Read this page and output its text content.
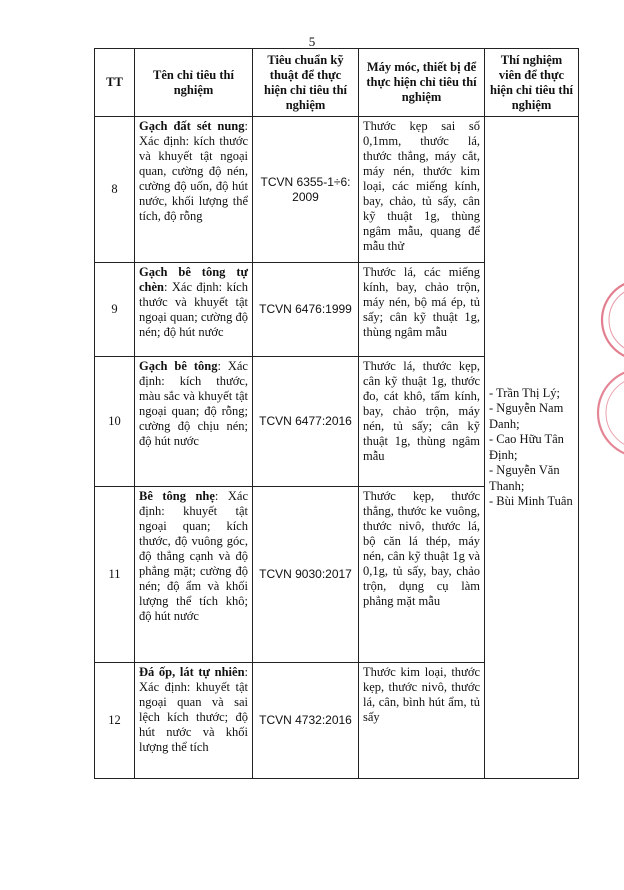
5
TT	Tên chỉ tiêu thí nghiệm	Tiêu chuẩn kỹ thuật để thực hiện chỉ tiêu thí nghiệm	Máy móc, thiết bị để thực hiện chỉ tiêu thí nghiệm	Thí nghiệm viên để thực hiện chỉ tiêu thí nghiệm
8	Gạch đất sét nung: Xác định: kích thước và khuyết tật ngoại quan, cường độ nén, cường độ uốn, độ hút nước, khối lượng thể tích, độ rỗng	TCVN 6355-1÷6: 2009	Thước kẹp sai số 0,1mm, thước lá, thước thẳng, máy cắt, máy nén, thước kim loại, các miếng kính, bay, chảo, tủ sấy, cân kỹ thuật 1g, thùng ngâm mẫu, quang để mẫu thử	- Trần Thị Lý;
- Nguyễn Nam Danh;
- Cao Hữu Tân Định;
- Nguyễn Văn Thanh;
- Bùi Minh Tuân

9	Gạch bê tông tự chèn: Xác định: kích thước và khuyết tật ngoại quan; cường độ nén; độ hút nước	TCVN 6476:1999	Thước lá, các miếng kính, bay, chảo trộn, máy nén, bộ má ép, tủ sấy; cân kỹ thuật 1g, thùng ngâm mẫu	
10	Gạch bê tông: Xác định: kích thước, màu sắc và khuyết tật ngoại quan; độ rỗng; cường độ chịu nén; độ hút nước	TCVN 6477:2016	Thước lá, thước kẹp, cân kỹ thuật 1g, thước đo, cát khô, tấm kính, bay, chảo trộn, máy nén, tủ sấy; cân kỹ thuật 1g, thùng ngâm mẫu	
11	Bê tông nhẹ: Xác định: khuyết tật ngoại quan; kích thước, độ vuông góc, độ thẳng cạnh và độ phẳng mặt; cường độ nén; độ ẩm và khối lượng thể tích khô; độ hút nước	TCVN 9030:2017	Thước kẹp, thước thẳng, thước ke vuông, thước nivô, thước lá, bộ căn lá thép, máy nén, cân kỹ thuật 1g và 0,1g, tủ sấy, bay, chảo trộn, dụng cụ làm phẳng mặt mẫu	
12	Đá ốp, lát tự nhiên: Xác định: khuyết tật ngoại quan và sai lệch kích thước; độ hút nước và khối lượng thể tích	TCVN 4732:2016	Thước kim loại, thước kẹp, thước nivô, thước lá, cân, bình hút ẩm, tủ sấy	
